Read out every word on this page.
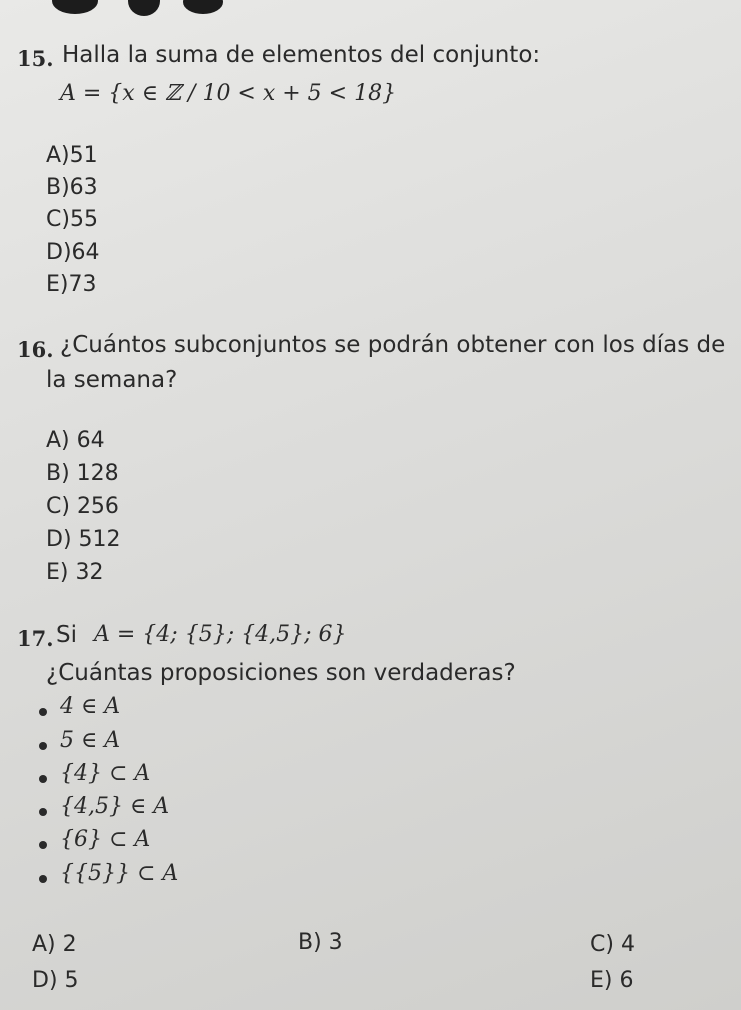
15. Halla la suma de elementos del conjunto:
A = {x ∈ ℤ / 10 < x + 5 < 18}
A)51
B)63
C)55
D)64
E)73
16. ¿Cuántos subconjuntos se podrán obtener con los días de
la semana?
A) 64
B) 128
C) 256
D) 512
E) 32
17. Si A = {4; {5}; {4,5}; 6}
¿Cuántas proposiciones son verdaderas?
4 ∈ A
5 ∈ A
{4} ⊂ A
{4,5} ∈ A
{6} ⊂ A
{{5}} ⊂ A
A) 2	B) 3	C) 4
D) 5	E) 6
